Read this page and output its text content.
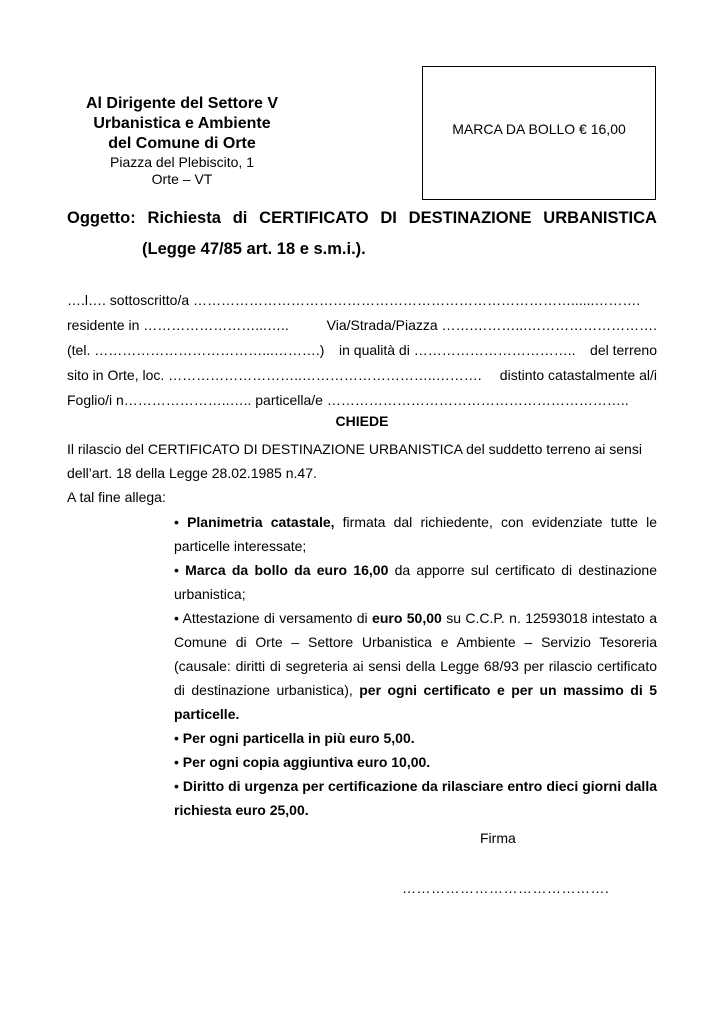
Al Dirigente del Settore V
Urbanistica e Ambiente
del Comune di Orte
Piazza del Plebiscito, 1
Orte – VT
MARCA DA BOLLO € 16,00
Oggetto: Richiesta di CERTIFICATO DI DESTINAZIONE URBANISTICA
(Legge 47/85 art. 18 e s.m.i.).
….l…. sottoscritto/a ………………………………………………………………………......……….
residente in ……………………...…..	Via/Strada/Piazza …….………...……………………….
(tel. ………………………………...……….) in qualità di …………………………….. del terreno
sito in Orte, loc. ………………………..………………………..………. distinto catastalmente al/i
Foglio/i n…………………..….. particella/e ………………………………………………………..
CHIEDE
Il rilascio del CERTIFICATO DI DESTINAZIONE URBANISTICA del suddetto terreno ai sensi
dell’art. 18 della Legge 28.02.1985 n.47.
A tal fine allega:

• Planimetria catastale, firmata dal richiedente, con evidenziate tutte le particelle interessate;

• Marca da bollo da euro 16,00 da apporre sul certificato di destinazione urbanistica;

• Attestazione di versamento di euro 50,00 su C.C.P. n. 12593018 intestato a Comune di Orte – Settore Urbanistica e Ambiente – Servizio Tesoreria (causale: diritti di segreteria ai sensi della Legge 68/93 per rilascio certificato di destinazione urbanistica), per ogni certificato e per un massimo di 5 particelle.

• Per ogni particella in più euro 5,00.

• Per ogni copia aggiuntiva euro 10,00.

• Diritto di urgenza per certificazione da rilasciare entro dieci giorni dalla richiesta euro 25,00.

Firma
…………………………………….
